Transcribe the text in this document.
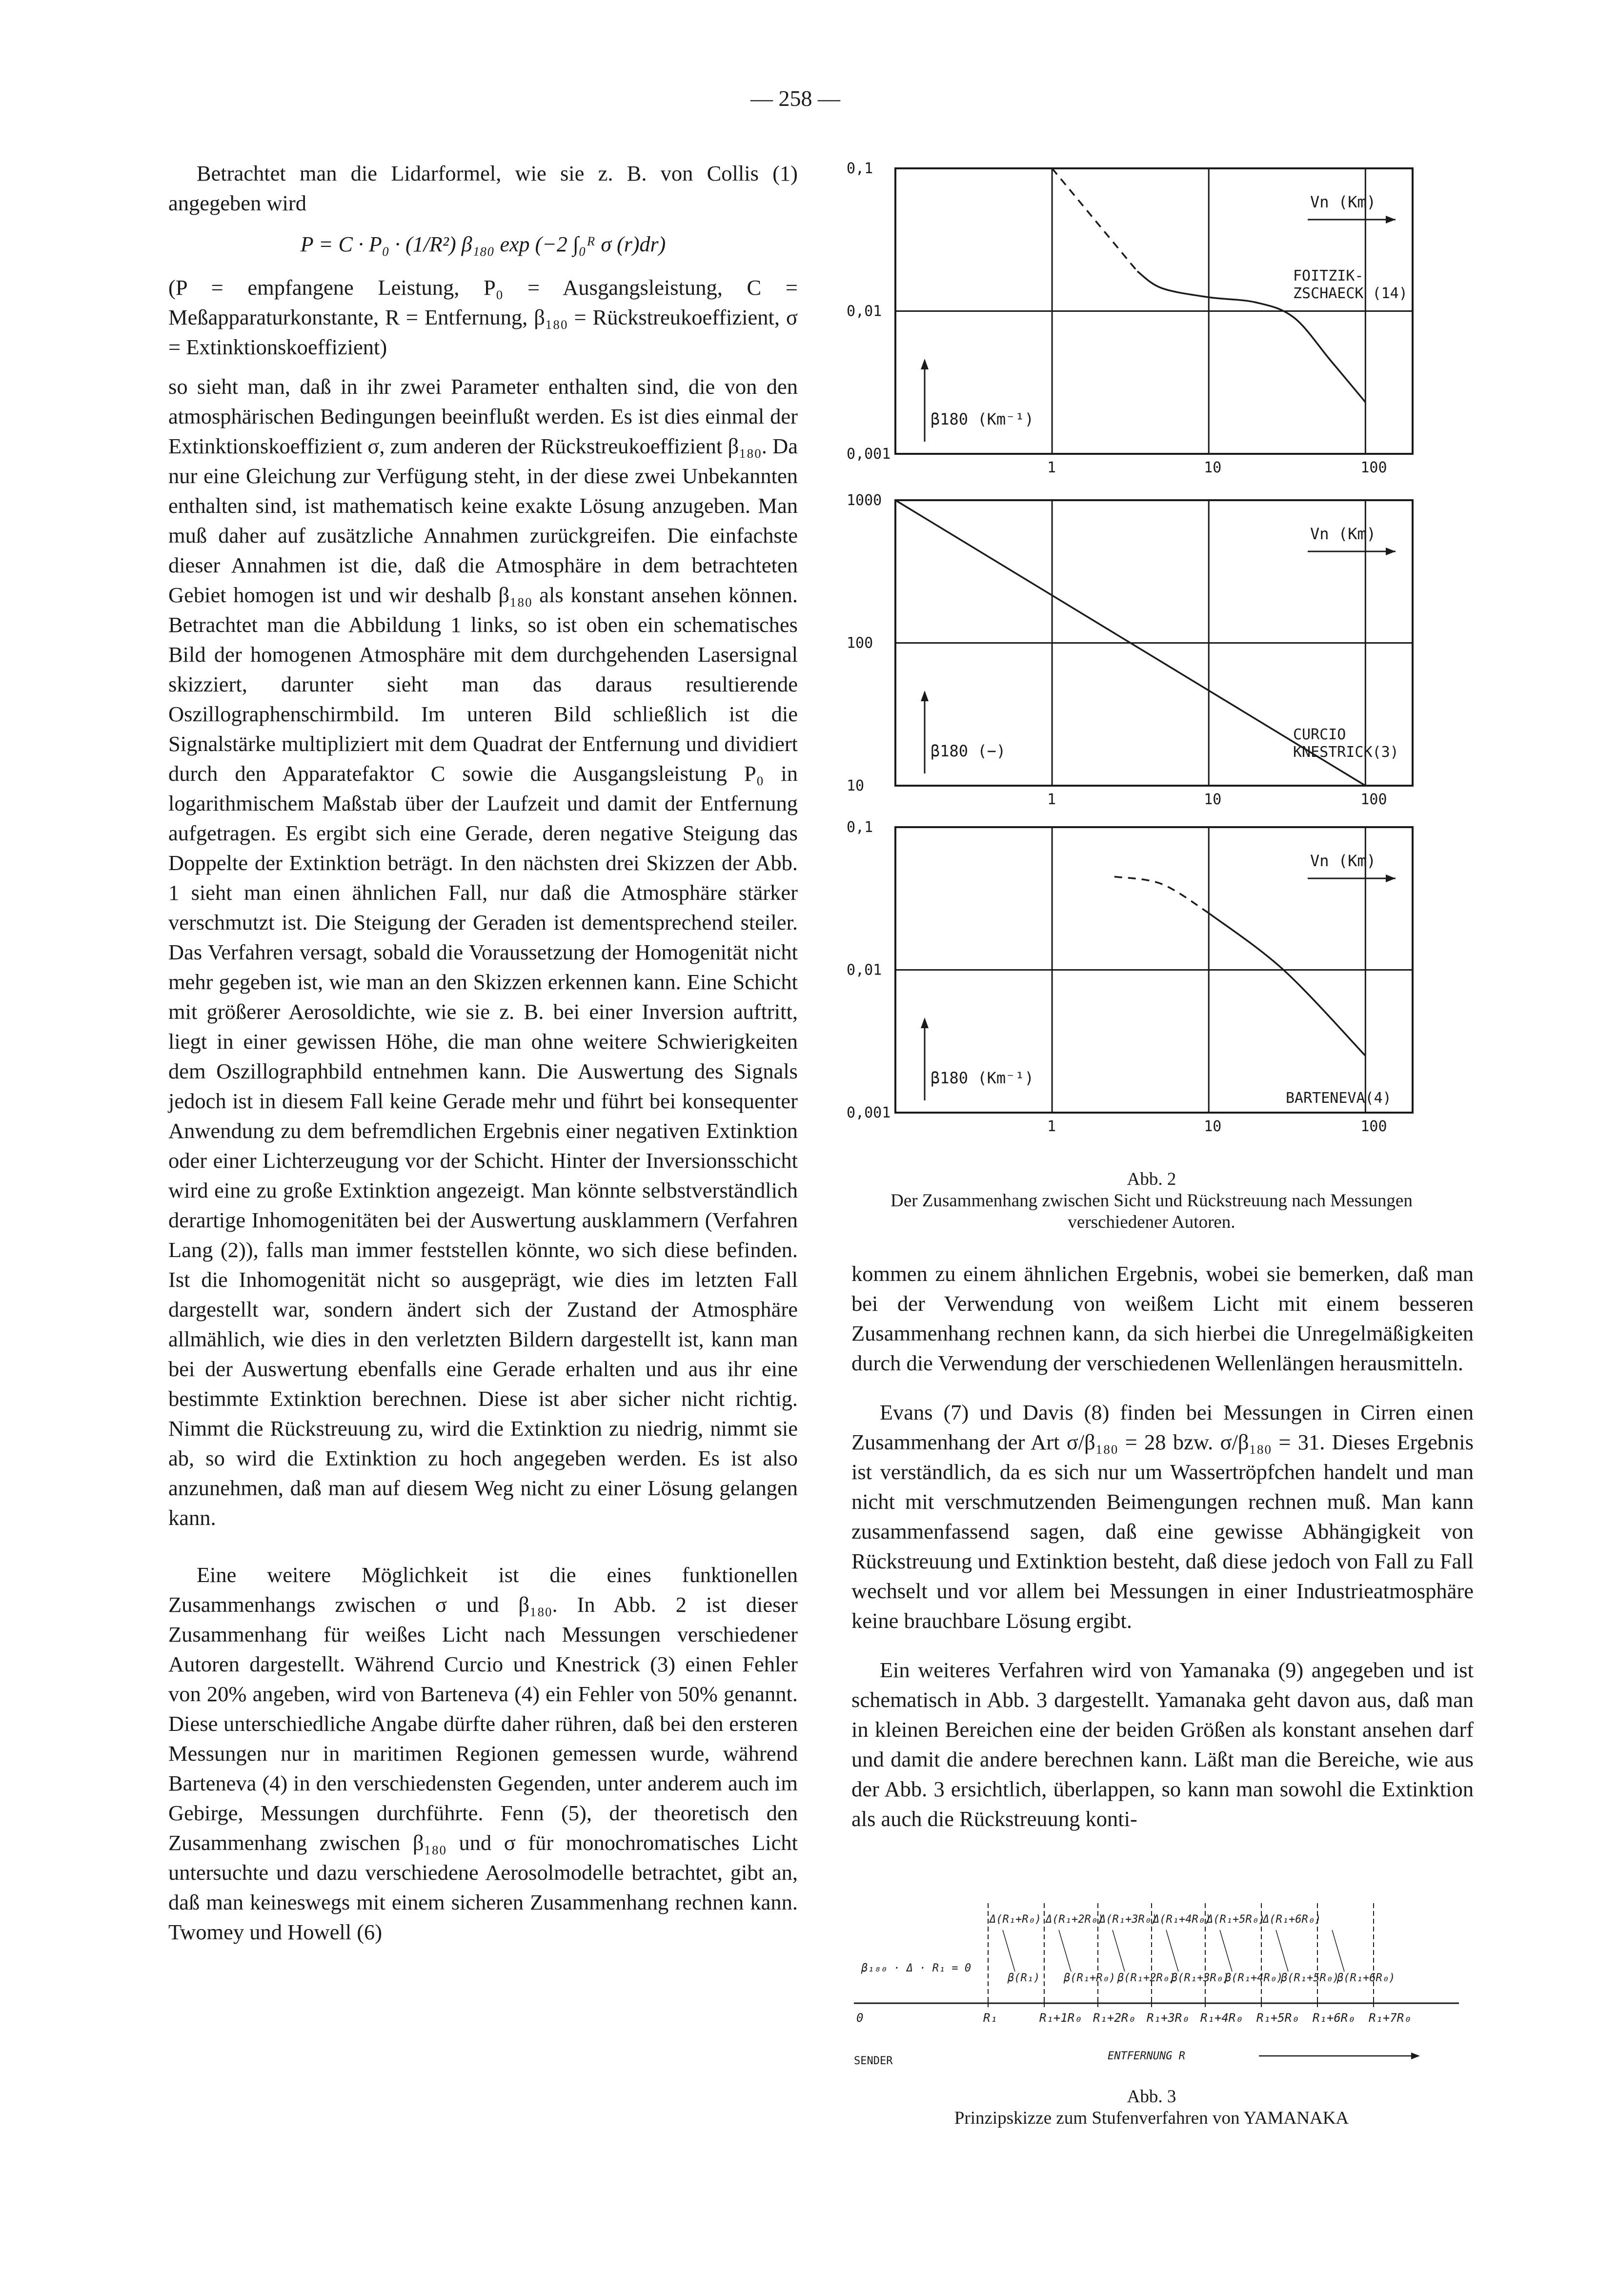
— 258 —

Betrachtet man die Lidarformel, wie sie z. B. von Collis (1) angegeben wird

P = C · P₀ · (1/R²) β₁₈₀ exp (−2 ∫₀ᴿ σ (r)dr)

(P = empfangene Leistung, P₀ = Ausgangsleistung, C = Meßapparaturkonstante, R = Entfernung, β₁₈₀ = Rückstreukoeffizient, σ = Extinktionskoeffizient)

so sieht man, daß in ihr zwei Parameter enthalten sind, die von den atmosphärischen Bedingungen beeinflußt werden. Es ist dies einmal der Extinktionskoeffizient σ, zum anderen der Rückstreukoeffizient β₁₈₀. Da nur eine Gleichung zur Verfügung steht, in der diese zwei Unbekannten enthalten sind, ist mathematisch keine exakte Lösung anzugeben. Man muß daher auf zusätzliche Annahmen zurückgreifen. Die einfachste dieser Annahmen ist die, daß die Atmosphäre in dem betrachteten Gebiet homogen ist und wir deshalb β₁₈₀ als konstant ansehen können. Betrachtet man die Abbildung 1 links, so ist oben ein schematisches Bild der homogenen Atmosphäre mit dem durchgehenden Lasersignal skizziert, darunter sieht man das daraus resultierende Oszillographenschirmbild. Im unteren Bild schließlich ist die Signalstärke multipliziert mit dem Quadrat der Entfernung und dividiert durch den Apparatefaktor C sowie die Ausgangsleistung P₀ in logarithmischem Maßstab über der Laufzeit und damit der Entfernung aufgetragen. Es ergibt sich eine Gerade, deren negative Steigung das Doppelte der Extinktion beträgt. In den nächsten drei Skizzen der Abb. 1 sieht man einen ähnlichen Fall, nur daß die Atmosphäre stärker verschmutzt ist. Die Steigung der Geraden ist dementsprechend steiler. Das Verfahren versagt, sobald die Voraussetzung der Homogenität nicht mehr gegeben ist, wie man an den Skizzen erkennen kann. Eine Schicht mit größerer Aerosoldichte, wie sie z. B. bei einer Inversion auftritt, liegt in einer gewissen Höhe, die man ohne weitere Schwierigkeiten dem Oszillographbild entnehmen kann. Die Auswertung des Signals jedoch ist in diesem Fall keine Gerade mehr und führt bei konsequenter Anwendung zu dem befremdlichen Ergebnis einer negativen Extinktion oder einer Lichterzeugung vor der Schicht. Hinter der Inversionsschicht wird eine zu große Extinktion angezeigt. Man könnte selbstverständlich derartige Inhomogenitäten bei der Auswertung ausklammern (Verfahren Lang (2)), falls man immer feststellen könnte, wo sich diese befinden. Ist die Inhomogenität nicht so ausgeprägt, wie dies im letzten Fall dargestellt war, sondern ändert sich der Zustand der Atmosphäre allmählich, wie dies in den verletzten Bildern dargestellt ist, kann man bei der Auswertung ebenfalls eine Gerade erhalten und aus ihr eine bestimmte Extinktion berechnen. Diese ist aber sicher nicht richtig. Nimmt die Rückstreuung zu, wird die Extinktion zu niedrig, nimmt sie ab, so wird die Extinktion zu hoch angegeben werden. Es ist also anzunehmen, daß man auf diesem Weg nicht zu einer Lösung gelangen kann.

Eine weitere Möglichkeit ist die eines funktionellen Zusammenhangs zwischen σ und β₁₈₀. In Abb. 2 ist dieser Zusammenhang für weißes Licht nach Messungen verschiedener Autoren dargestellt. Während Curcio und Knestrick (3) einen Fehler von 20% angeben, wird von Barteneva (4) ein Fehler von 50% genannt. Diese unterschiedliche Angabe dürfte daher rühren, daß bei den ersteren Messungen nur in maritimen Regionen gemessen wurde, während Barteneva (4) in den verschiedensten Gegenden, unter anderem auch im Gebirge, Messungen durchführte. Fenn (5), der theoretisch den Zusammenhang zwischen β₁₈₀ und σ für monochromatisches Licht untersuchte und dazu verschiedene Aerosolmodelle betrachtet, gibt an, daß man keineswegs mit einem sicheren Zusammenhang rechnen kann. Twomey und Howell (6)

0,1
0,01
0,001
1	10	100
Vn (Km)
β180 (Km⁻¹)
FOITZIK-ZSCHAECK (14)
1000
100
10
1	10	100
Vn (Km)
β180 (−)
CURCIO KNESTRICK(3)
0,1
0,01
0,001
1	10	100
Vn (Km)
β180 (Km⁻¹)
BARTENEVA(4)
Abb. 2
Der Zusammenhang zwischen Sicht und Rückstreuung nach Messungen verschiedener Autoren.

kommen zu einem ähnlichen Ergebnis, wobei sie bemerken, daß man bei der Verwendung von weißem Licht mit einem besseren Zusammenhang rechnen kann, da sich hierbei die Unregelmäßigkeiten durch die Verwendung der verschiedenen Wellenlängen herausmitteln.

Evans (7) und Davis (8) finden bei Messungen in Cirren einen Zusammenhang der Art σ/β₁₈₀ = 28 bzw. σ/β₁₈₀ = 31. Dieses Ergebnis ist verständlich, da es sich nur um Wassertröpfchen handelt und man nicht mit verschmutzenden Beimengungen rechnen muß. Man kann zusammenfassend sagen, daß eine gewisse Abhängigkeit von Rückstreuung und Extinktion besteht, daß diese jedoch von Fall zu Fall wechselt und vor allem bei Messungen in einer Industrieatmosphäre keine brauchbare Lösung ergibt.

Ein weiteres Verfahren wird von Yamanaka (9) angegeben und ist schematisch in Abb. 3 dargestellt. Yamanaka geht davon aus, daß man in kleinen Bereichen eine der beiden Größen als konstant ansehen darf und damit die andere berechnen kann. Läßt man die Bereiche, wie aus der Abb. 3 ersichtlich, überlappen, so kann man sowohl die Extinktion als auch die Rückstreuung konti-

0	R₁	R₁+1R₀ R₁+2R₀ R₁+3R₀ R₁+4R₀ R₁+5R₀ R₁+6R₀ R₁+7R₀
β₁₈₀ · Δ · R₁ = 0
Δ(R₁+R₀) Δ(R₁+2R₀)
Δ(R₁+3R₀)
Δ(R₁+4R₀)
Δ(R₁+5R₀)
Δ(R₁+6R₀)
β(R₁) β(R₁+R₀) β(R₁+2R₀)
β(R₁+3R₀)
β(R₁+4R₀)
β(R₁+5R₀)
β(R₁+6R₀)
SENDER	ENTFERNUNG R
Abb. 3
Prinzipskizze zum Stufenverfahren von YAMANAKA
